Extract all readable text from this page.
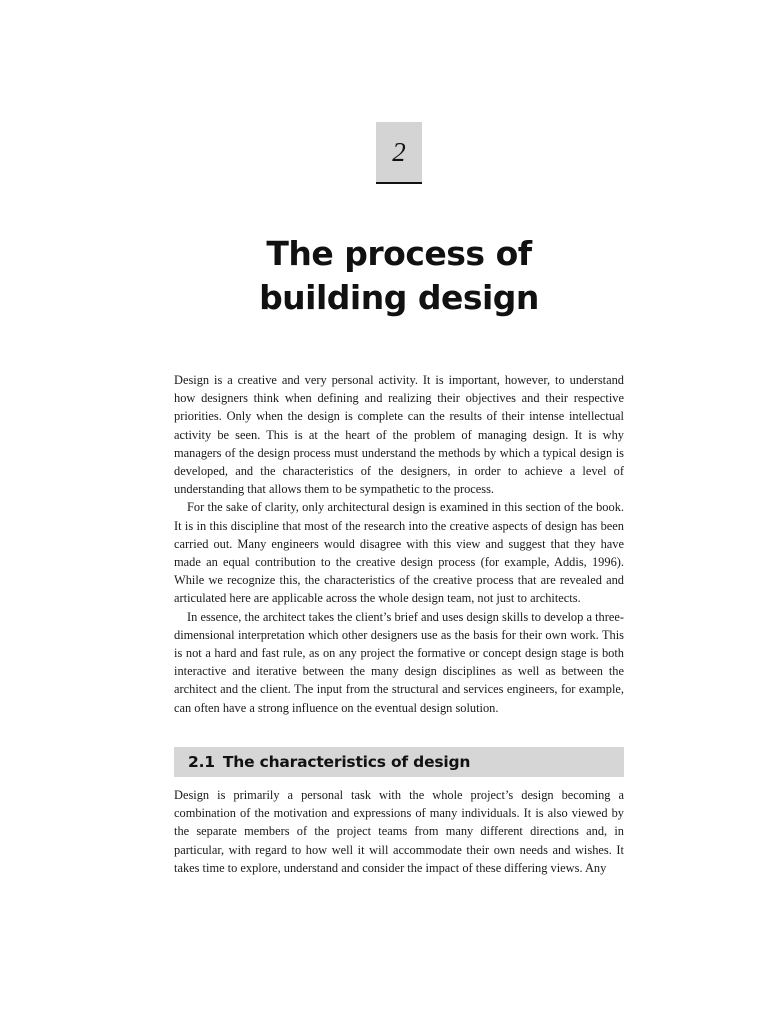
2
The process of
building design

Design is a creative and very personal activity. It is important, however, to understand how designers think when defining and realizing their objectives and their respective priorities. Only when the design is complete can the results of their intense intellectual activity be seen. This is at the heart of the problem of managing design. It is why managers of the design process must understand the methods by which a typical design is developed, and the characteristics of the designers, in order to achieve a level of understanding that allows them to be sympathetic to the process.

For the sake of clarity, only architectural design is examined in this section of the book. It is in this discipline that most of the research into the creative aspects of design has been carried out. Many engineers would disagree with this view and suggest that they have made an equal contribution to the creative design process (for example, Addis, 1996). While we recognize this, the characteristics of the creative process that are revealed and articulated here are applicable across the whole design team, not just to architects.

In essence, the architect takes the client’s brief and uses design skills to develop a three-dimensional interpretation which other designers use as the basis for their own work. This is not a hard and fast rule, as on any project the formative or concept design stage is both interactive and iterative between the many design disciplines as well as between the architect and the client. The input from the structural and services engineers, for example, can often have a strong influence on the eventual design solution.

2.1 The characteristics of design

Design is primarily a personal task with the whole project’s design becoming a combination of the motivation and expressions of many individuals. It is also viewed by the separate members of the project teams from many different directions and, in particular, with regard to how well it will accommodate their own needs and wishes. It takes time to explore, understand and consider the impact of these differing views. Any
